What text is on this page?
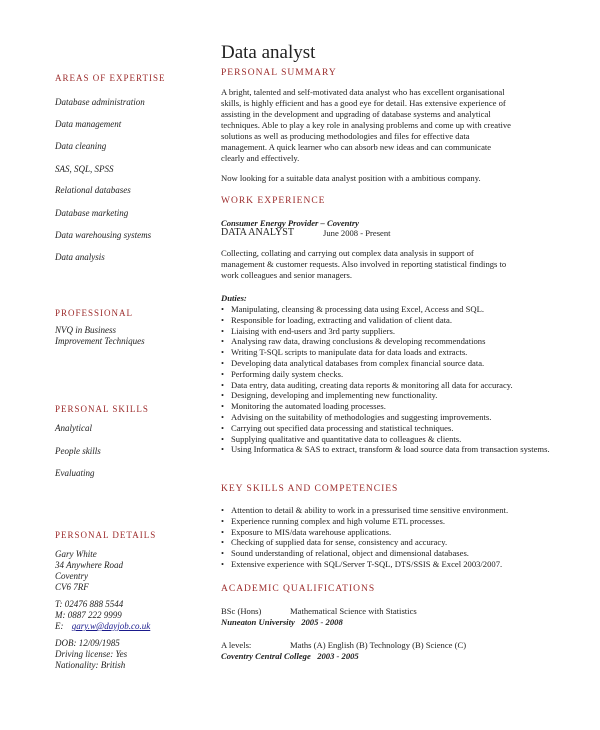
Data analyst
AREAS OF EXPERTISE
Database administration
Data management
Data cleaning
SAS, SQL, SPSS
Relational databases
Database marketing
Data warehousing systems
Data analysis
PROFESSIONAL
NVQ in Business
Improvement Techniques
PERSONAL SKILLS
Analytical
People skills
Evaluating
PERSONAL DETAILS
Gary White
34 Anywhere Road
Coventry
CV6 7RF
T: 02476 888 5544
M: 0887 222 9999
E: gary.w@dayjob.co.uk
DOB: 12/09/1985
Driving license: Yes
Nationality: British
PERSONAL SUMMARY
A bright, talented and self-motivated data analyst who has excellent organisational
skills, is highly efficient and has a good eye for detail. Has extensive experience of
assisting in the development and upgrading of database systems and analytical
techniques. Able to play a key role in analysing problems and come up with creative
solutions as well as producing methodologies and files for effective data
management. A quick learner who can absorb new ideas and can communicate
clearly and effectively.
Now looking for a suitable data analyst position with a ambitious company.
WORK EXPERIENCE
Consumer Energy Provider – Coventry
DATA ANALYST	June 2008 - Present
Collecting, collating and carrying out complex data analysis in support of
management & customer requests. Also involved in reporting statistical findings to
work colleagues and senior managers.
Duties:
• Manipulating, cleansing & processing data using Excel, Access and SQL.
• Responsible for loading, extracting and validation of client data.
• Liaising with end-users and 3rd party suppliers.
• Analysing raw data, drawing conclusions & developing recommendations
• Writing T-SQL scripts to manipulate data for data loads and extracts.
• Developing data analytical databases from complex financial source data.
• Performing daily system checks.
• Data entry, data auditing, creating data reports & monitoring all data for accuracy.
• Designing, developing and implementing new functionality.
• Monitoring the automated loading processes.
• Advising on the suitability of methodologies and suggesting improvements.
• Carrying out specified data processing and statistical techniques.
• Supplying qualitative and quantitative data to colleagues & clients.
• Using Informatica & SAS to extract, transform & load source data from transaction systems.
KEY SKILLS AND COMPETENCIES
• Attention to detail & ability to work in a pressurised time sensitive environment.
• Experience running complex and high volume ETL processes.
• Exposure to MIS/data warehouse applications.
• Checking of supplied data for sense, consistency and accuracy.
• Sound understanding of relational, object and dimensional databases.
• Extensive experience with SQL/Server T-SQL, DTS/SSIS & Excel 2003/2007.
ACADEMIC QUALIFICATIONS
BSc (Hons)	Mathematical Science with Statistics
Nuneaton University   2005 - 2008
A levels:	Maths (A) English (B) Technology (B) Science (C)
Coventry Central College   2003 - 2005
